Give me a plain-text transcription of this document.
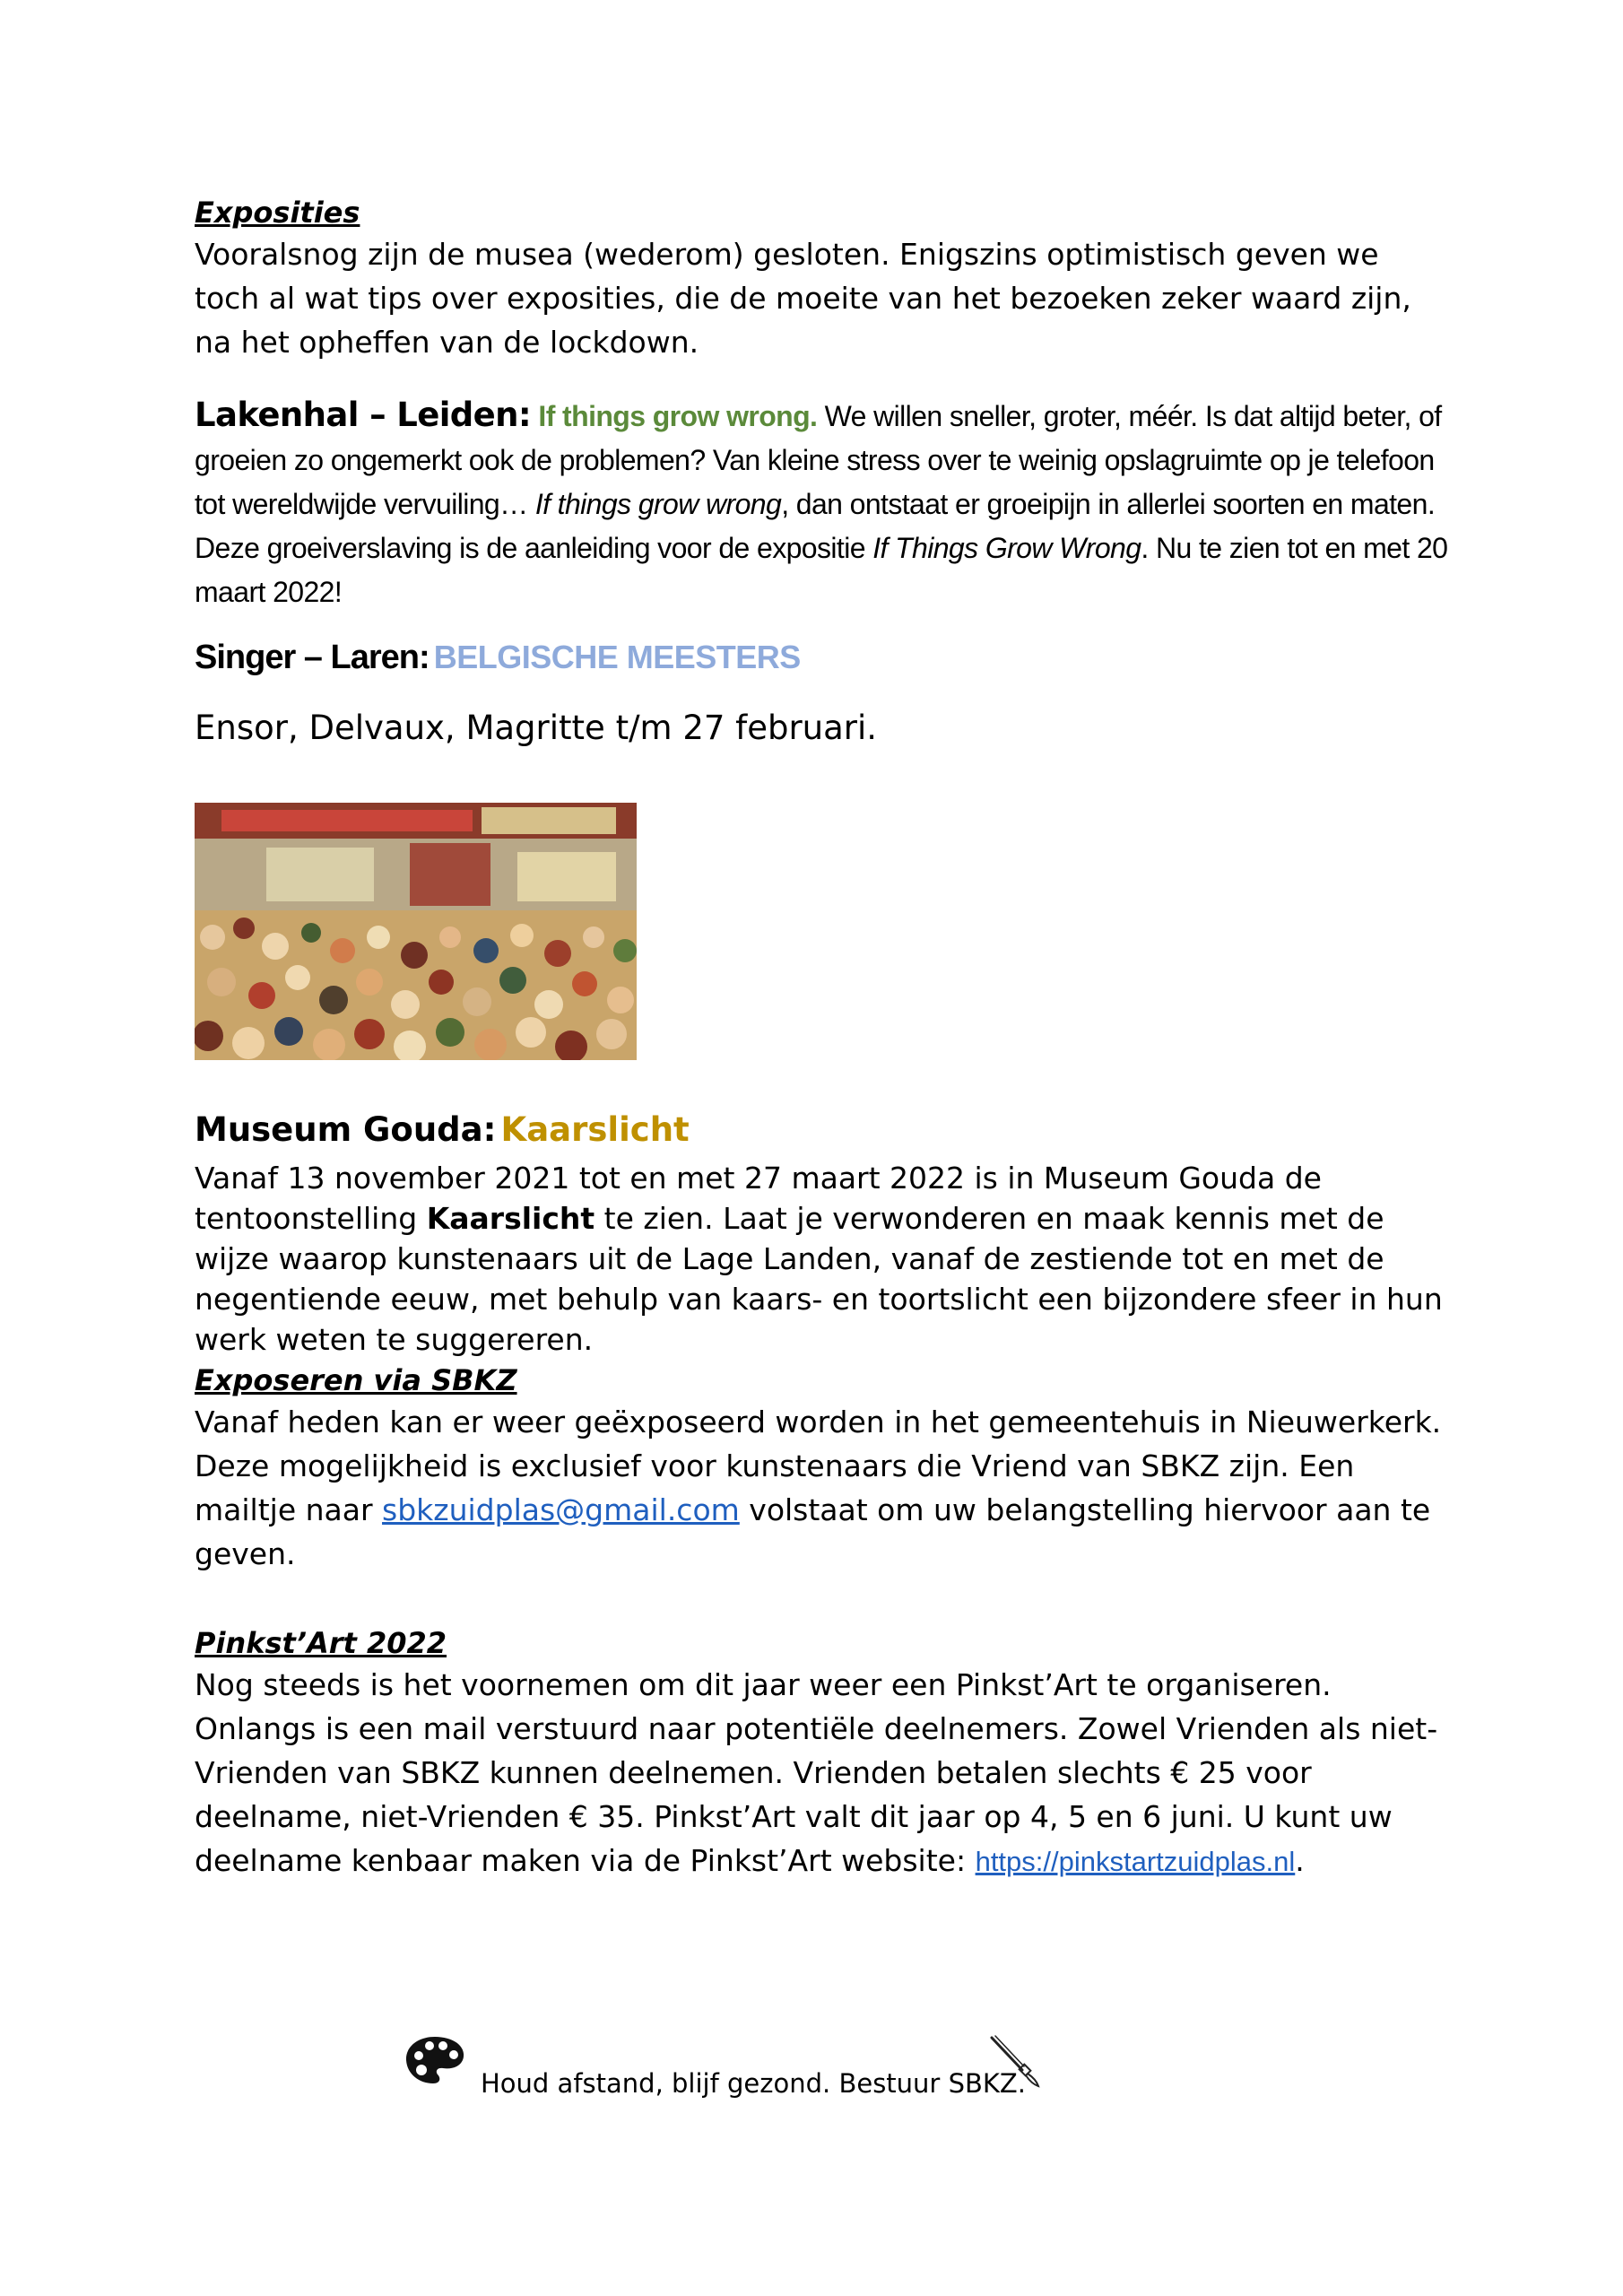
Exposities

Vooralsnog zijn de musea (wederom) gesloten. Enigszins optimistisch geven we toch al wat tips over exposities, die de moeite van het bezoeken zeker waard zijn, na het opheffen van de lockdown.

Lakenhal – Leiden: If things grow wrong. We willen sneller, groter, méér. Is dat altijd beter, of groeien zo ongemerkt ook de problemen? Van kleine stress over te weinig opslagruimte op je telefoon tot wereldwijde vervuiling… If things grow wrong, dan ontstaat er groeipijn in allerlei soorten en maten. Deze groeiverslaving is de aanleiding voor de expositie If Things Grow Wrong. Nu te zien tot en met 20 maart 2022!

Singer – Laren: BELGISCHE MEESTERS
Ensor, Delvaux, Magritte t/m 27 februari.
Museum Gouda: Kaarslicht

Vanaf 13 november 2021 tot en met 27 maart 2022 is in Museum Gouda de tentoonstelling Kaarslicht te zien. Laat je verwonderen en maak kennis met de wijze waarop kunstenaars uit de Lage Landen, vanaf de zestiende tot en met de negentiende eeuw, met behulp van kaars- en toortslicht een bijzondere sfeer in hun werk weten te suggereren.

Exposeren via SBKZ

Vanaf heden kan er weer geëxposeerd worden in het gemeentehuis in Nieuwerkerk. Deze mogelijkheid is exclusief voor kunstenaars die Vriend van SBKZ zijn. Een mailtje naar sbkzuidplas@gmail.com volstaat om uw belangstelling hiervoor aan te geven.

Pinkst’Art 2022

Nog steeds is het voornemen om dit jaar weer een Pinkst’Art te organiseren. Onlangs is een mail verstuurd naar potentiële deelnemers. Zowel Vrienden als niet-Vrienden van SBKZ kunnen deelnemen. Vrienden betalen slechts € 25 voor deelname, niet-Vrienden € 35. Pinkst’Art valt dit jaar op 4, 5 en 6 juni. U kunt uw deelname kenbaar maken via de Pinkst’Art website: https://pinkstartzuidplas.nl.

Houd afstand, blijf gezond. Bestuur SBKZ.
